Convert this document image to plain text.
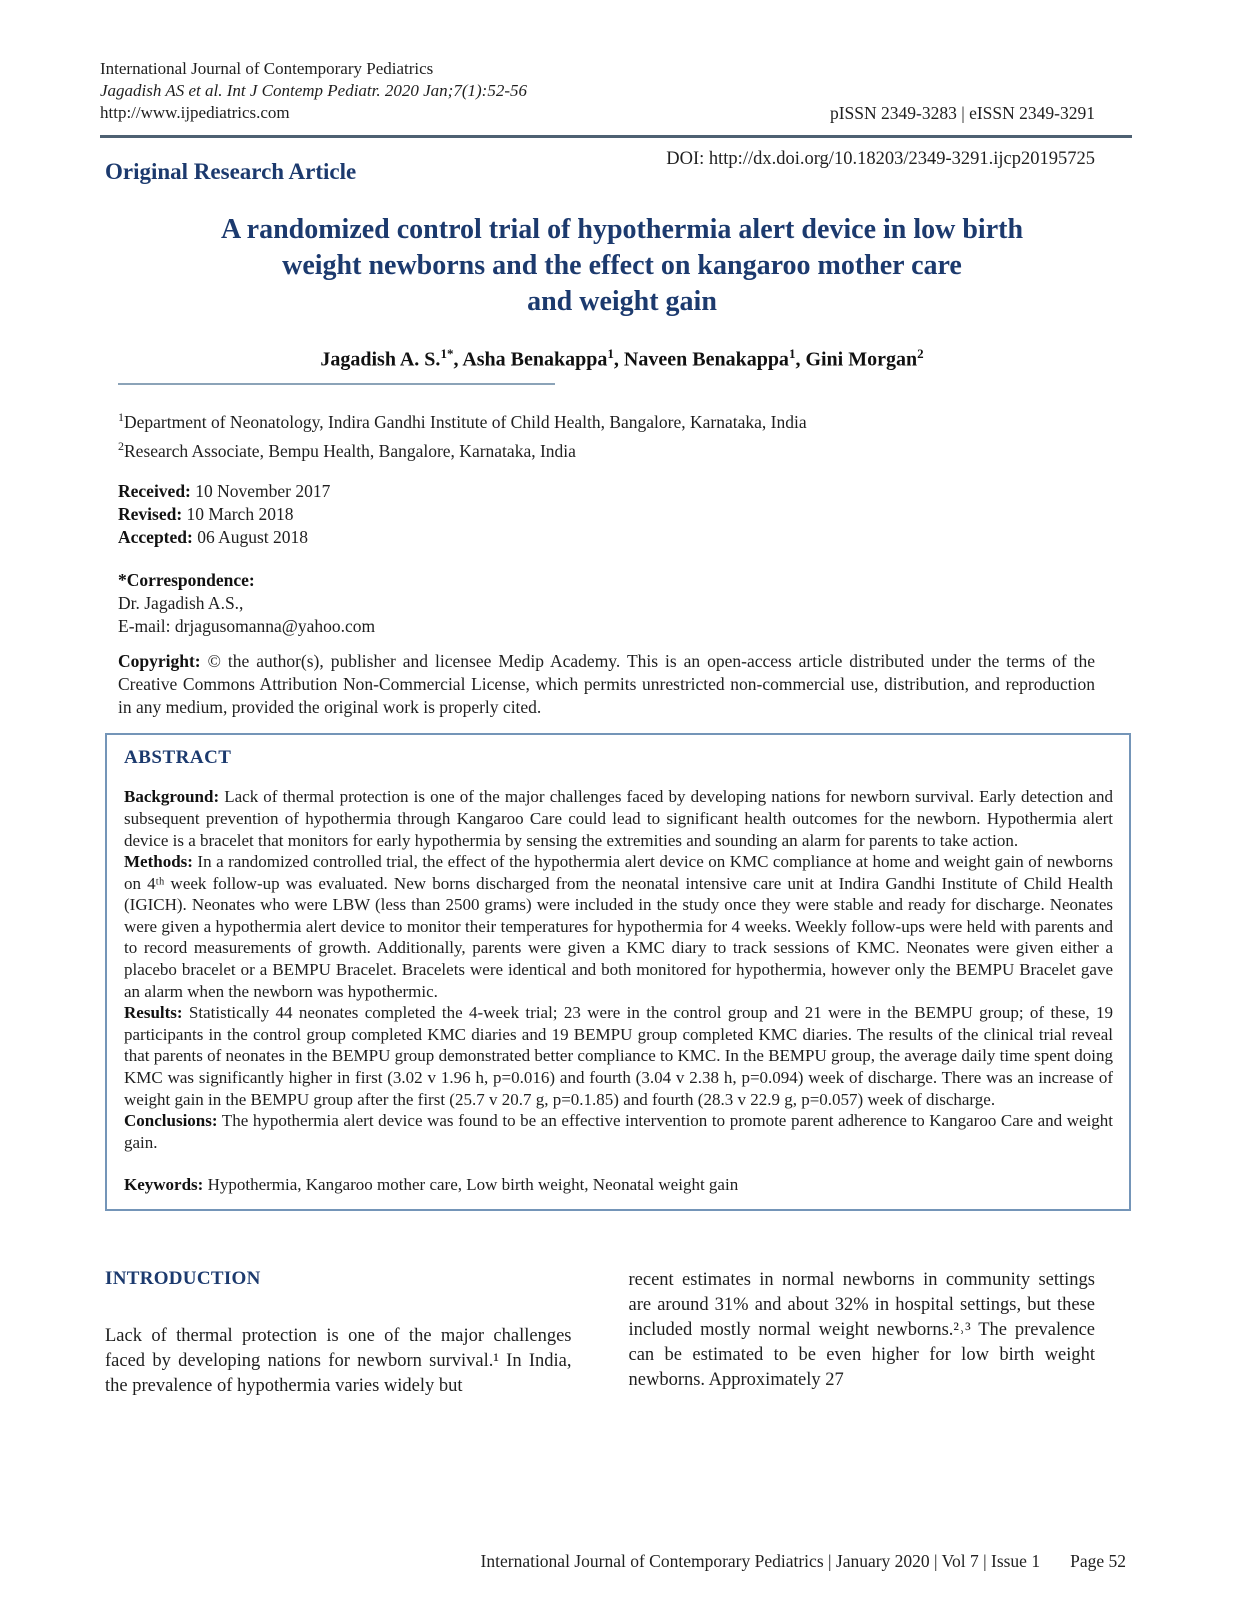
International Journal of Contemporary Pediatrics
Jagadish AS et al. Int J Contemp Pediatr. 2020 Jan;7(1):52-56
http://www.ijpediatrics.com	pISSN 2349-3283 | eISSN 2349-3291
Original Research Article	DOI: http://dx.doi.org/10.18203/2349-3291.ijcp20195725
A randomized control trial of hypothermia alert device in low birth
weight newborns and the effect on kangaroo mother care
and weight gain
Jagadish A. S.$^{1*}$, Asha Benakappa$^1$, Naveen Benakappa$^1$, Gini Morgan$^2$
$^1$Department of Neonatology, Indira Gandhi Institute of Child Health, Bangalore, Karnataka, India
$^2$Research Associate, Bempu Health, Bangalore, Karnataka, India
Received: 10 November 2017
Revised: 10 March 2018
Accepted: 06 August 2018
*Correspondence:
Dr. Jagadish A.S.,
E-mail: drjagusomanna@yahoo.com

Copyright: © the author(s), publisher and licensee Medip Academy. This is an open-access article distributed under the terms of the Creative Commons Attribution Non-Commercial License, which permits unrestricted non-commercial use, distribution, and reproduction in any medium, provided the original work is properly cited.

ABSTRACT

Background: Lack of thermal protection is one of the major challenges faced by developing nations for newborn survival. Early detection and subsequent prevention of hypothermia through Kangaroo Care could lead to significant health outcomes for the newborn. Hypothermia alert device is a bracelet that monitors for early hypothermia by sensing the extremities and sounding an alarm for parents to take action.

Methods: In a randomized controlled trial, the effect of the hypothermia alert device on KMC compliance at home and weight gain of newborns on 4ᵗʰ week follow-up was evaluated. New borns discharged from the neonatal intensive care unit at Indira Gandhi Institute of Child Health (IGICH). Neonates who were LBW (less than 2500 grams) were included in the study once they were stable and ready for discharge. Neonates were given a hypothermia alert device to monitor their temperatures for hypothermia for 4 weeks. Weekly follow-ups were held with parents and to record measurements of growth. Additionally, parents were given a KMC diary to track sessions of KMC. Neonates were given either a placebo bracelet or a BEMPU Bracelet. Bracelets were identical and both monitored for hypothermia, however only the BEMPU Bracelet gave an alarm when the newborn was hypothermic.

Results: Statistically 44 neonates completed the 4-week trial; 23 were in the control group and 21 were in the BEMPU group; of these, 19 participants in the control group completed KMC diaries and 19 BEMPU group completed KMC diaries. The results of the clinical trial reveal that parents of neonates in the BEMPU group demonstrated better compliance to KMC. In the BEMPU group, the average daily time spent doing KMC was significantly higher in first (3.02 v 1.96 h, p=0.016) and fourth (3.04 v 2.38 h, p=0.094) week of discharge. There was an increase of weight gain in the BEMPU group after the first (25.7 v 20.7 g, p=0.1.85) and fourth (28.3 v 22.9 g, p=0.057) week of discharge.

Conclusions: The hypothermia alert device was found to be an effective intervention to promote parent adherence to Kangaroo Care and weight gain.

Keywords: Hypothermia, Kangaroo mother care, Low birth weight, Neonatal weight gain

INTRODUCTION

Lack of thermal protection is one of the major challenges faced by developing nations for newborn survival.¹ In India, the prevalence of hypothermia varies widely but

recent estimates in normal newborns in community settings are around 31% and about 32% in hospital settings, but these included mostly normal weight newborns.²˒³ The prevalence can be estimated to be even higher for low birth weight newborns. Approximately 27

International Journal of Contemporary Pediatrics | January 2020 | Vol 7 | Issue 1 Page 52
